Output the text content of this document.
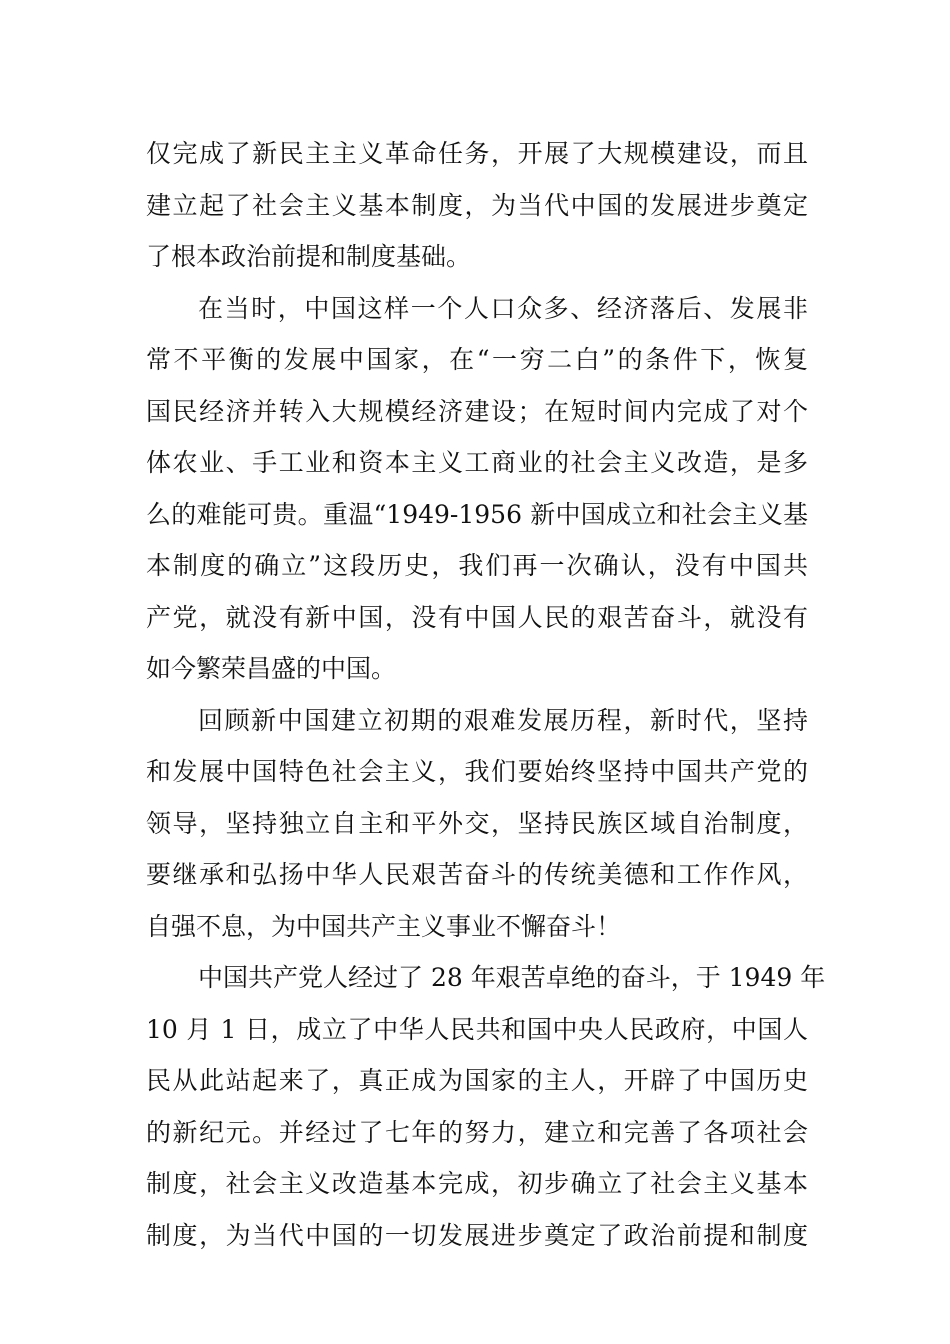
仅完成了新民主主义革命任务，开展了大规模建设，而且
建立起了社会主义基本制度，为当代中国的发展进步奠定
了根本政治前提和制度基础。
在当时，中国这样一个人口众多、经济落后、发展非
常不平衡的发展中国家，在“一穷二白”的条件下，恢复
国民经济并转入大规模经济建设；在短时间内完成了对个
体农业、手工业和资本主义工商业的社会主义改造，是多
么的难能可贵。重温“1949-1956 新中国成立和社会主义基
本制度的确立”这段历史，我们再一次确认，没有中国共
产党，就没有新中国，没有中国人民的艰苦奋斗，就没有
如今繁荣昌盛的中国。
回顾新中国建立初期的艰难发展历程，新时代，坚持
和发展中国特色社会主义，我们要始终坚持中国共产党的
领导，坚持独立自主和平外交，坚持民族区域自治制度，
要继承和弘扬中华人民艰苦奋斗的传统美德和工作作风，
自强不息，为中国共产主义事业不懈奋斗！
中国共产党人经过了 28 年艰苦卓绝的奋斗，于 1949 年
10 月 1 日，成立了中华人民共和国中央人民政府，中国人
民从此站起来了，真正成为国家的主人，开辟了中国历史
的新纪元。并经过了七年的努力，建立和完善了各项社会
制度，社会主义改造基本完成，初步确立了社会主义基本
制度，为当代中国的一切发展进步奠定了政治前提和制度
